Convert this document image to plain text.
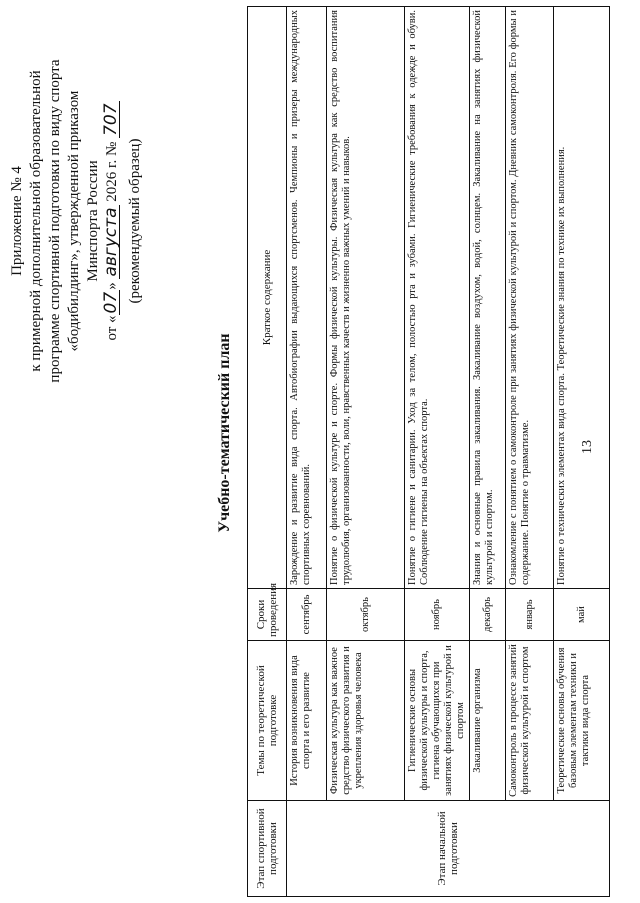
13
Приложение № 4 к примерной дополнительной образовательной программе спортивной подготовки по виду спорта «бодибилдинг», утвержденной приказом Минспорта России
от «07» августа 2026 г. № 707
(рекомендуемый образец)
Учебно-тематический план
Этап спортивной подготовки	Темы по теоретической подготовке	Сроки проведения	Краткое содержание
Этап начальной подготовки	История возникновения вида спорта и его развитие	сентябрь	Зарождение и развитие вида спорта. Автобиографии выдающихся спортсменов. Чемпионы и призеры международных спортивных соревнований.
	Физическая культура как важное средство физического развития и укрепления здоровья человека	октябрь	Понятие о физической культуре и спорте. Формы физической культуры. Физическая культура как средство воспитания трудолюбия, организованности, воли, нравственных качеств и жизненно важных умений и навыков.
	Гигиенические основы физической культуры и спорта, гигиена обучающихся при занятиях физической культурой и спортом	ноябрь	Понятие о гигиене и санитарии. Уход за телом, полостью рта и зубами. Гигиенические требования к одежде и обуви. Соблюдение гигиены на объектах спорта.
	Закаливание организма	декабрь	Знания и основные правила закаливания. Закаливание воздухом, водой, солнцем. Закаливание на занятиях физической культурой и спортом.
	Самоконтроль в процессе занятий физической культурой и спортом	январь	Ознакомление с понятием о самоконтроле при занятиях физической культурой и спортом. Дневник самоконтроля. Его формы и содержание. Понятие о травматизме.
	Теоретические основы обучения базовым элементам техники и тактики вида спорта	май	Понятие о технических элементах вида спорта. Теоретические знания по технике их выполнения.
